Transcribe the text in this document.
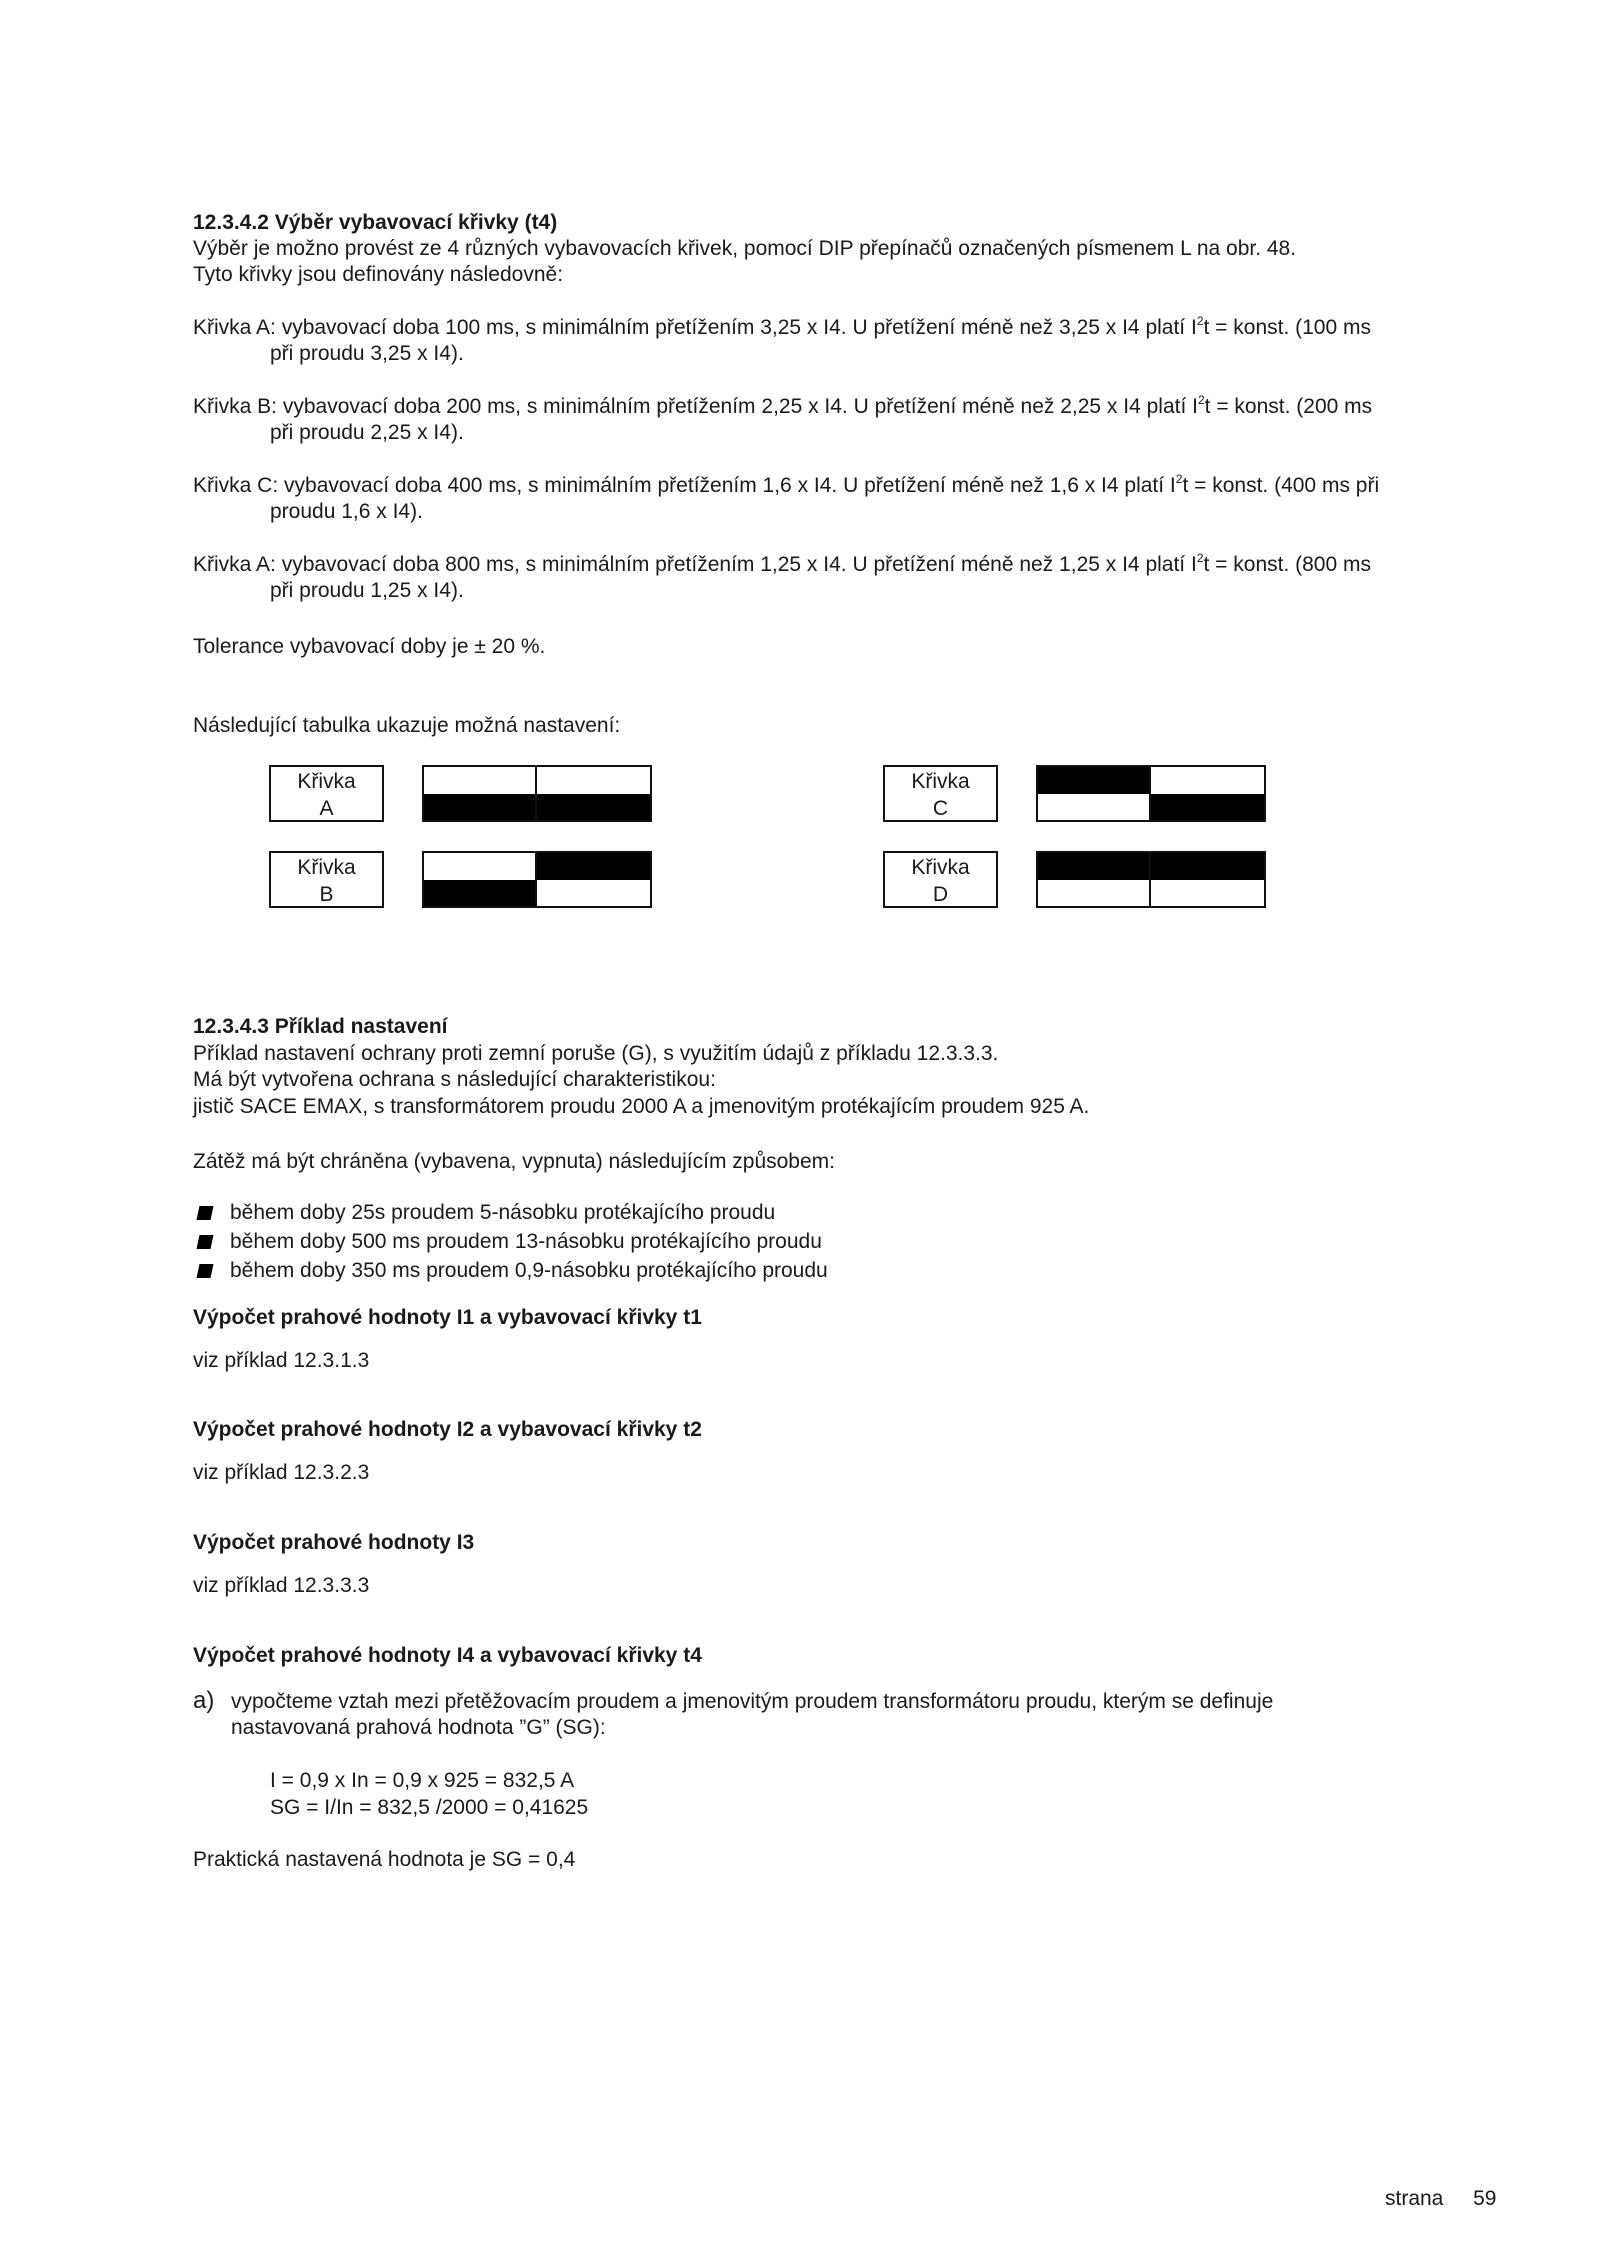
12.3.4.2 Výběr vybavovací křivky (t4)
Výběr je možno provést ze 4 různých vybavovacích křivek, pomocí DIP přepínačů označených písmenem L na obr. 48.
Tyto křivky jsou definovány následovně:
Křivka A: vybavovací doba 100 ms, s minimálním přetížením 3,25 x I4. U přetížení méně než 3,25 x I4 platí $I^2t$ = konst. (100 ms
při proudu 3,25 x I4).
Křivka B: vybavovací doba 200 ms, s minimálním přetížením 2,25 x I4. U přetížení méně než 2,25 x I4 platí $I^2t$ = konst. (200 ms
při proudu 2,25 x I4).
Křivka C: vybavovací doba 400 ms, s minimálním přetížením 1,6 x I4. U přetížení méně než 1,6 x I4 platí $I^2t$ = konst. (400 ms při
proudu 1,6 x I4).
Křivka A: vybavovací doba 800 ms, s minimálním přetížením 1,25 x I4. U přetížení méně než 1,25 x I4 platí $I^2t$ = konst. (800 ms
při proudu 1,25 x I4).
Tolerance vybavovací doby je ± 20 %.
Následující tabulka ukazuje možná nastavení:
Křivka
A
Křivka
C
Křivka
B
Křivka
D
12.3.4.3 Příklad nastavení
Příklad nastavení ochrany proti zemní poruše (G), s využitím údajů z příkladu 12.3.3.3.
Má být vytvořena ochrana s následující charakteristikou:
jistič SACE EMAX, s transformátorem proudu 2000 A a jmenovitým protékajícím proudem 925 A.
Zátěž má být chráněna (vybavena, vypnuta) následujícím způsobem:
během doby 25s proudem 5-násobku protékajícího proudu
během doby 500 ms proudem 13-násobku protékajícího proudu
během doby 350 ms proudem 0,9-násobku protékajícího proudu
Výpočet prahové hodnoty I1 a vybavovací křivky t1
viz příklad 12.3.1.3
Výpočet prahové hodnoty I2 a vybavovací křivky t2
viz příklad 12.3.2.3
Výpočet prahové hodnoty I3
viz příklad 12.3.3.3
Výpočet prahové hodnoty I4 a vybavovací křivky t4
a) vypočteme vztah mezi přetěžovacím proudem a jmenovitým proudem transformátoru proudu, kterým se definuje
nastavovaná prahová hodnota ”G” (SG):
I = 0,9 x In = 0,9 x 925 = 832,5 A
SG = I/In = 832,5 /2000 = 0,41625
Praktická nastavená hodnota je SG = 0,4
strana 59
